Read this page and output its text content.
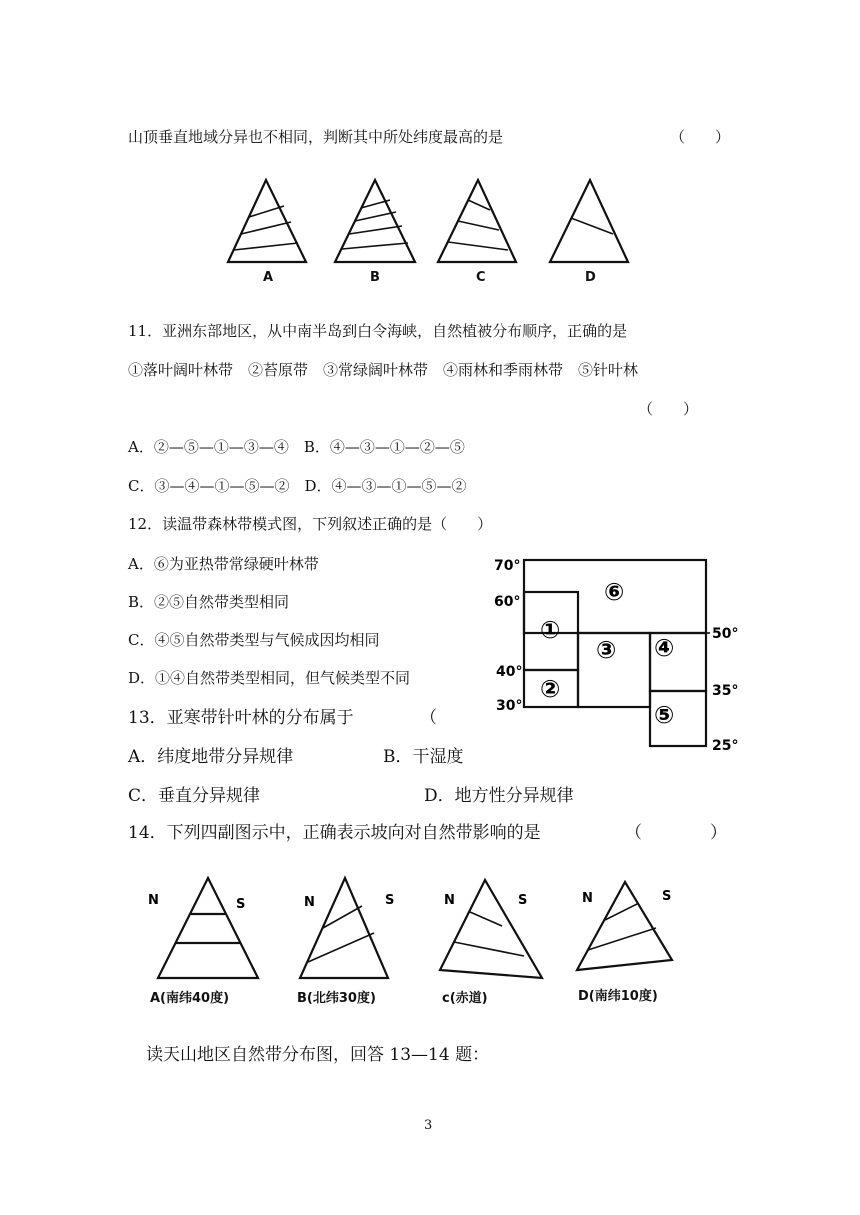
山顶垂直地域分异也不相同，判断其中所处纬度最高的是	（　　）
A	B	C	D
11．亚洲东部地区，从中南半岛到白令海峡，自然植被分布顺序，正确的是
①落叶阔叶林带　②苔原带　③常绿阔叶林带　④雨林和季雨林带　⑤针叶林
（　　）
A．②—⑤—①—③—④　B．④—③—①—②—⑤
C．③—④—①—⑤—②　D．④—③—①—⑤—②
12．读温带森林带模式图，下列叙述正确的是（　　）
A．⑥为亚热带常绿硬叶林带
B．②⑤自然带类型相同
C．④⑤自然带类型与气候成因均相同
D．①④自然带类型相同，但气候类型不同
70°
60°
40°
30°
50°
35°
25°
①
②
③ ④
⑤
⑥
13．亚寒带针叶林的分布属于	（
A．纬度地带分异规律	B．干湿度
C．垂直分异规律	D．地方性分异规律
14．下列四副图示中，正确表示坡向对自然带影响的是	（　　　　）
N	S	N	S	N	S	N	S
A(南纬40度)	B(北纬30度)	c(赤道)	D(南纬10度)
读天山地区自然带分布图，回答 13—14 题：
3
